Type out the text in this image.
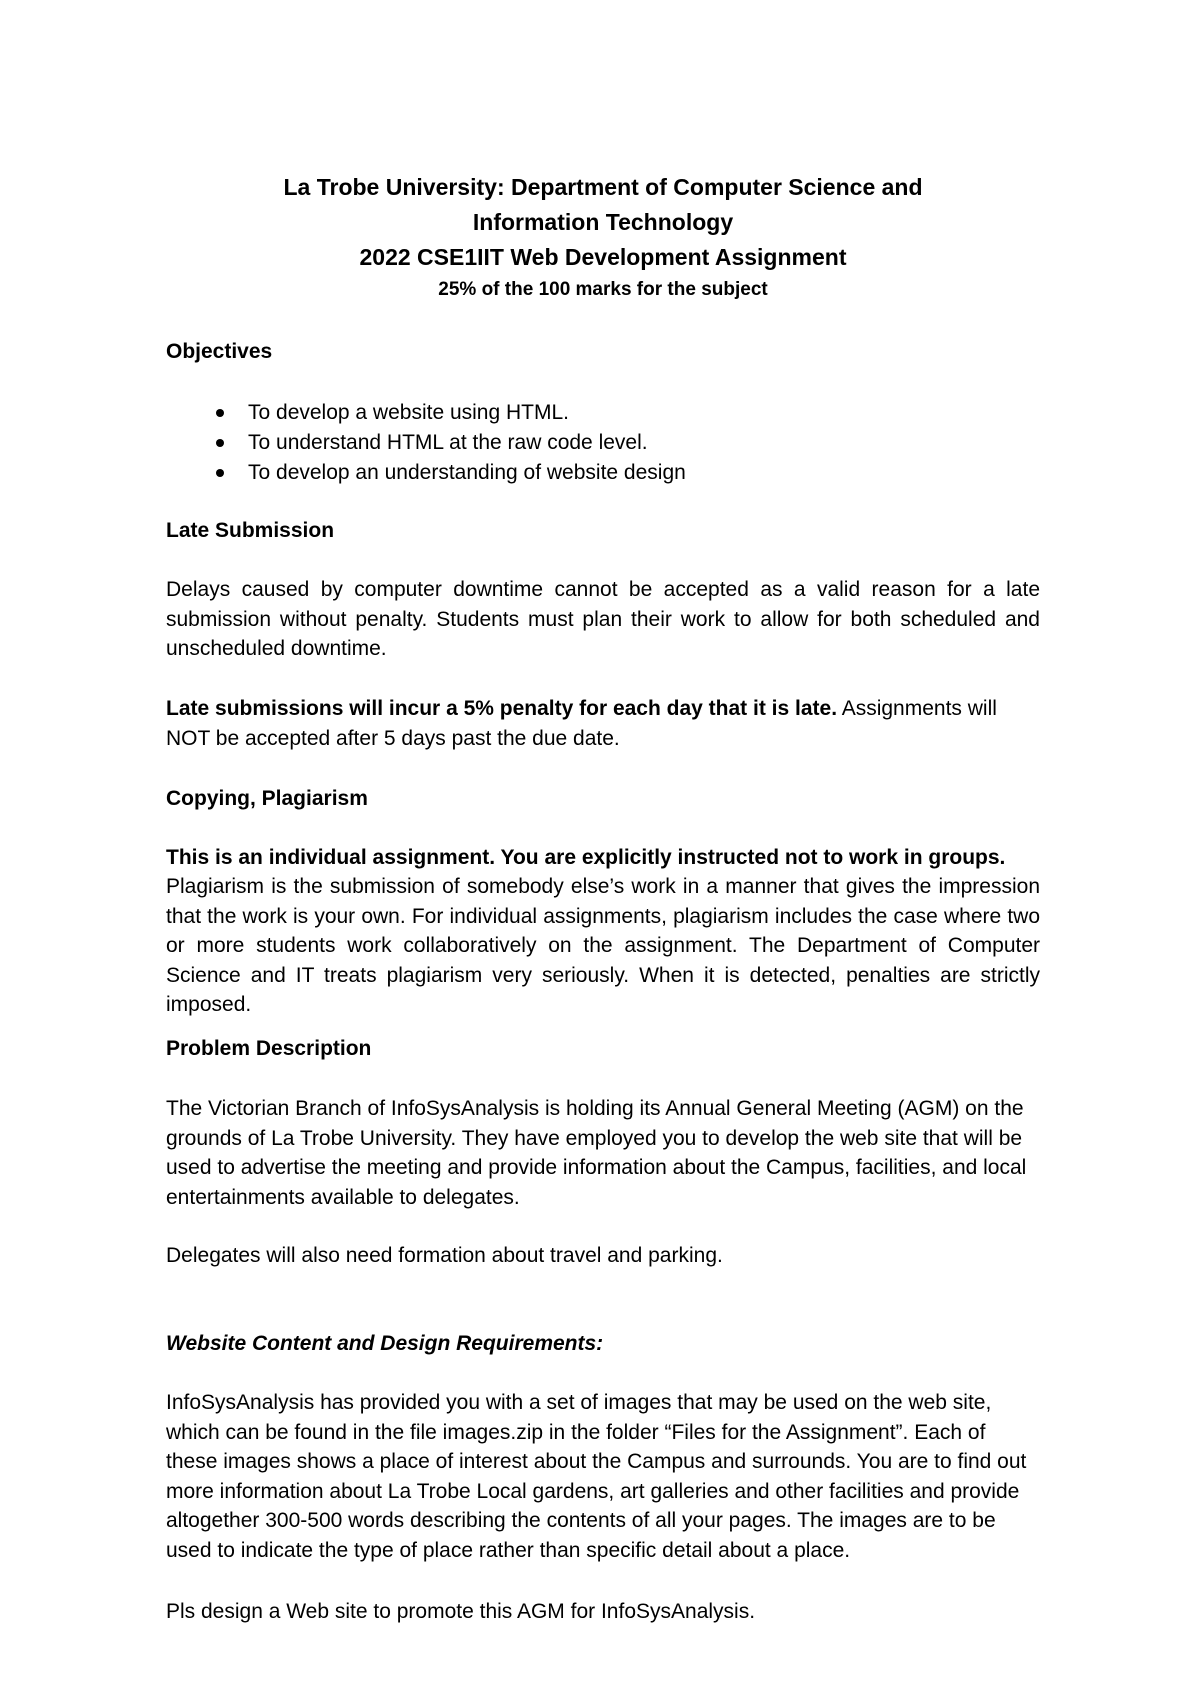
La Trobe University: Department of Computer Science and
Information Technology
2022 CSE1IIT Web Development Assignment
25% of the 100 marks for the subject
Objectives
To develop a website using HTML.
To understand HTML at the raw code level.
To develop an understanding of website design
Late Submission

Delays caused by computer downtime cannot be accepted as a valid reason for a late submission without penalty. Students must plan their work to allow for both scheduled and unscheduled downtime.

Late submissions will incur a 5% penalty for each day that it is late. Assignments will NOT be accepted after 5 days past the due date.

Copying, Plagiarism
This is an individual assignment. You are explicitly instructed not to work in groups.

Plagiarism is the submission of somebody else’s work in a manner that gives the impression that the work is your own. For individual assignments, plagiarism includes the case where two or more students work collaboratively on the assignment. The Department of Computer Science and IT treats plagiarism very seriously. When it is detected, penalties are strictly imposed.

Problem Description

The Victorian Branch of InfoSysAnalysis is holding its Annual General Meeting (AGM) on the grounds of La Trobe University. They have employed you to develop the web site that will be used to advertise the meeting and provide information about the Campus, facilities, and local entertainments available to delegates.

Delegates will also need formation about travel and parking.

Website Content and Design Requirements:

InfoSysAnalysis has provided you with a set of images that may be used on the web site, which can be found in the file images.zip in the folder “Files for the Assignment”. Each of these images shows a place of interest about the Campus and surrounds. You are to find out more information about La Trobe Local gardens, art galleries and other facilities and provide altogether 300-500 words describing the contents of all your pages. The images are to be used to indicate the type of place rather than specific detail about a place.

Pls design a Web site to promote this AGM for InfoSysAnalysis.
